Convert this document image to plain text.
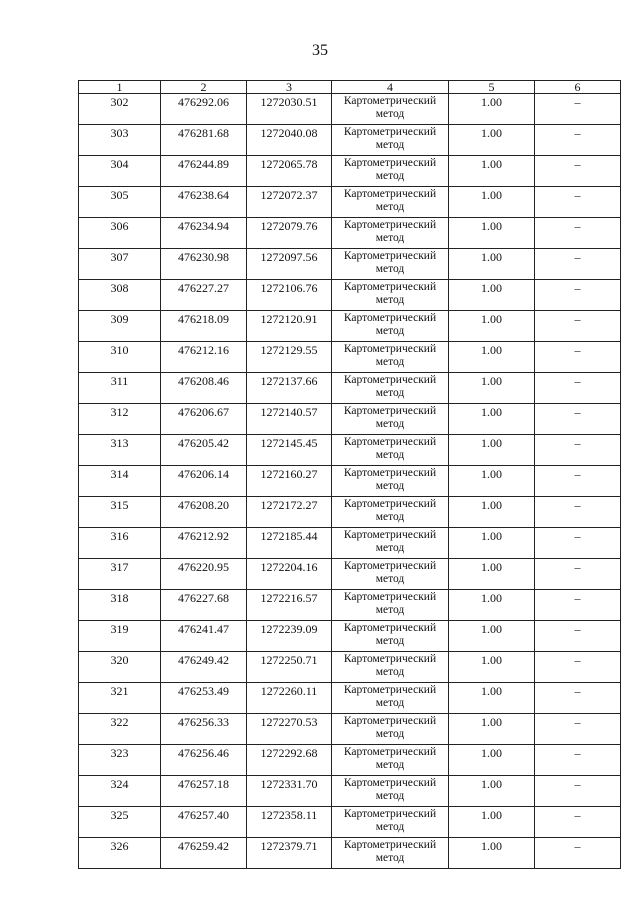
35
1	2	3	4	5	6
302	476292.06	1272030.51	Картометрический метод	1.00	–
303	476281.68	1272040.08	Картометрический метод	1.00	–
304	476244.89	1272065.78	Картометрический метод	1.00	–
305	476238.64	1272072.37	Картометрический метод	1.00	–
306	476234.94	1272079.76	Картометрический метод	1.00	–
307	476230.98	1272097.56	Картометрический метод	1.00	–
308	476227.27	1272106.76	Картометрический метод	1.00	–
309	476218.09	1272120.91	Картометрический метод	1.00	–
310	476212.16	1272129.55	Картометрический метод	1.00	–
311	476208.46	1272137.66	Картометрический метод	1.00	–
312	476206.67	1272140.57	Картометрический метод	1.00	–
313	476205.42	1272145.45	Картометрический метод	1.00	–
314	476206.14	1272160.27	Картометрический метод	1.00	–
315	476208.20	1272172.27	Картометрический метод	1.00	–
316	476212.92	1272185.44	Картометрический метод	1.00	–
317	476220.95	1272204.16	Картометрический метод	1.00	–
318	476227.68	1272216.57	Картометрический метод	1.00	–
319	476241.47	1272239.09	Картометрический метод	1.00	–
320	476249.42	1272250.71	Картометрический метод	1.00	–
321	476253.49	1272260.11	Картометрический метод	1.00	–
322	476256.33	1272270.53	Картометрический метод	1.00	–
323	476256.46	1272292.68	Картометрический метод	1.00	–
324	476257.18	1272331.70	Картометрический метод	1.00	–
325	476257.40	1272358.11	Картометрический метод	1.00	–
326	476259.42	1272379.71	Картометрический метод	1.00	–
